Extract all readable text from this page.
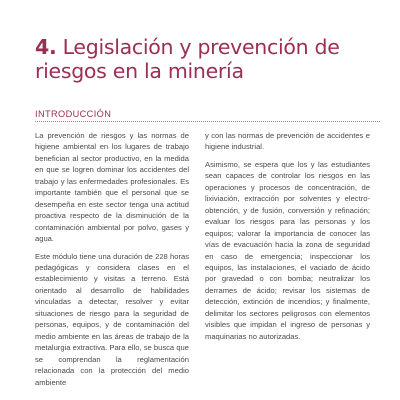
4. Legislación y prevención de riesgos en la minería
INTRODUCCIÓN

La prevención de riesgos y las normas de higiene ambiental en los lugares de trabajo benefician al sector productivo, en la medida en que se logren dominar los accidentes del trabajo y las enfermedades profesionales. Es importante también que el personal que se desempeña en este sector tenga una actitud proactiva respecto de la disminución de la contaminación ambiental por polvo, gases y agua.

Este módulo tiene una duración de 228 horas pedagógicas y considera clases en el establecimiento y visitas a terreno. Está orientado al desarrollo de habilidades vinculadas a detectar, resolver y evitar situaciones de riesgo para la seguridad de personas, equipos, y de contaminación del medio ambiente en las áreas de trabajo de la metalurgia extractiva. Para ello, se busca que se comprendan la reglamentación relacionada con la protección del medio ambiente

y con las normas de prevención de accidentes e higiene industrial.

Asimismo, se espera que los y las estudiantes sean capaces de controlar los riesgos en las operaciones y procesos de concentración, de lixiviación, extracción por solventes y electro-obtención, y de fusión, conversión y refinación; evaluar los riesgos para las personas y los equipos; valorar la importancia de conocer las vías de evacuación hacia la zona de seguridad en caso de emergencia; inspeccionar los equipos, las instalaciones, el vaciado de ácido por gravedad o con bomba; neutralizar los derrames de ácido; revisar los sistemas de detección, extinción de incendios; y finalmente, delimitar los sectores peligrosos con elementos visibles que impidan el ingreso de personas y maquinarias no autorizadas.
